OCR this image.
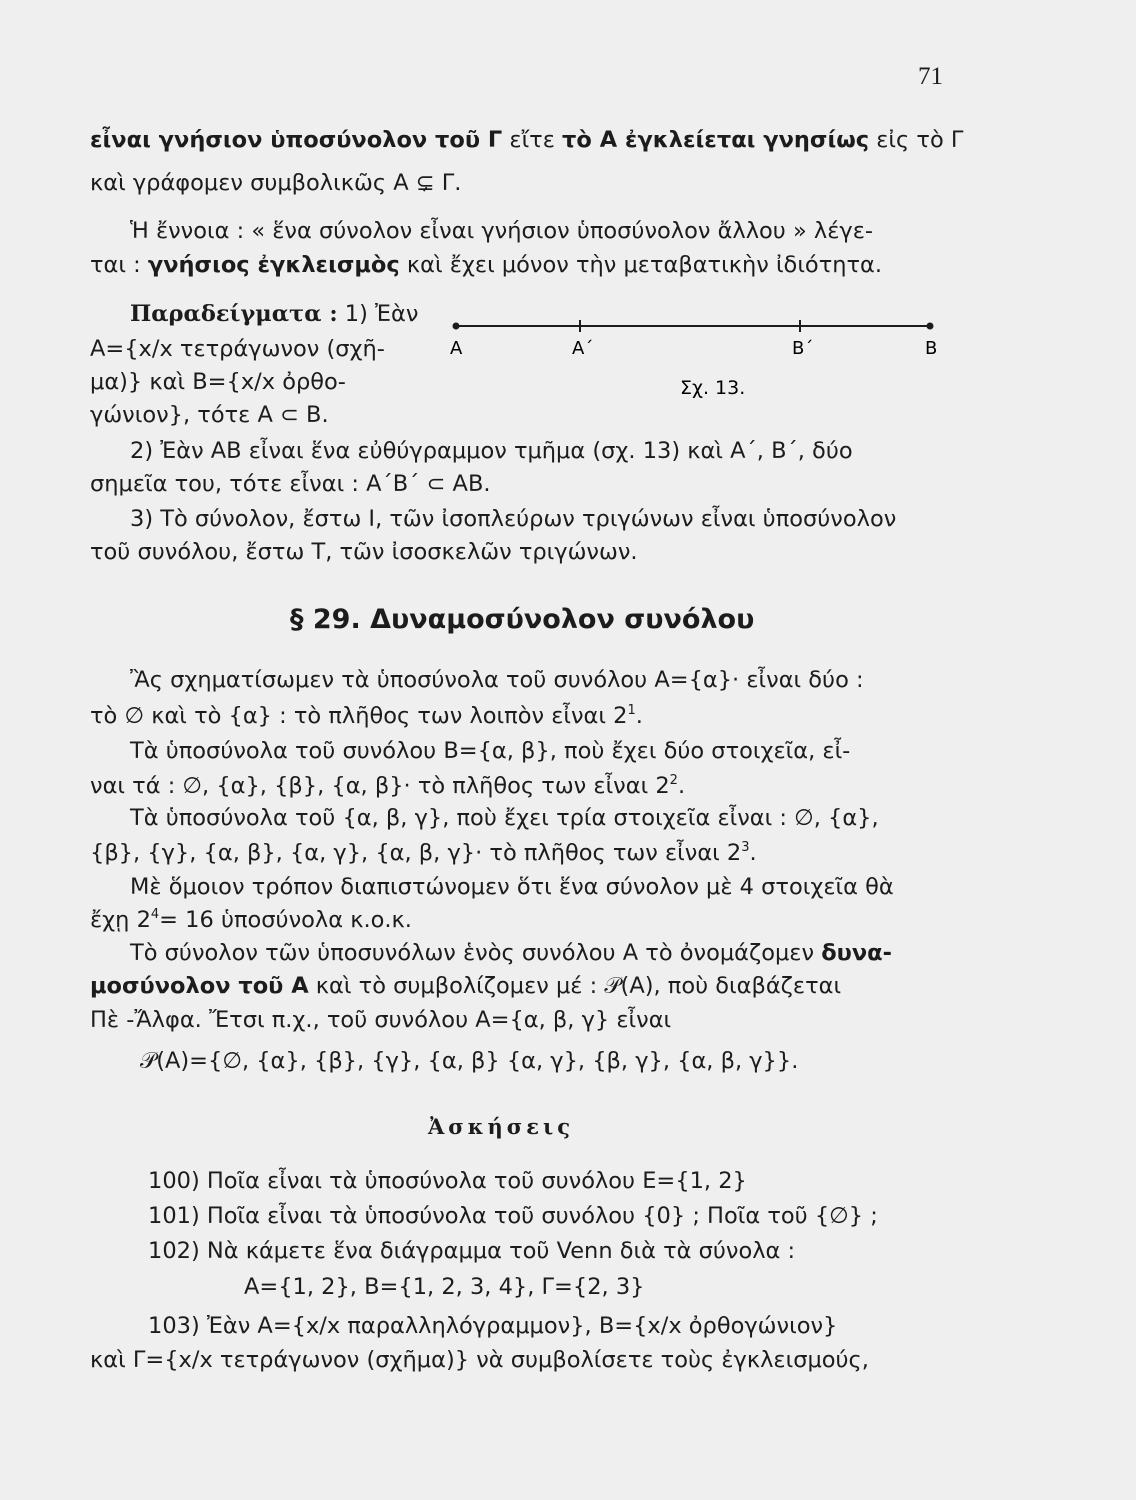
71
εἶναι γνήσιον ὑποσύνολον τοῦ Γ εἴτε τὸ Α ἐγκλείεται γνησίως εἰς τὸ Γ
καὶ γράφομεν συμβολικῶς Α ⊊ Γ.
Ἡ ἔννοια : « ἕνα σύνολον εἶναι γνήσιον ὑποσύνολον ἄλλου » λέγε-
ται : γνήσιος ἐγκλεισμὸς καὶ ἔχει μόνον τὴν μεταβατικὴν ἰδιότητα.
Παραδείγματα : 1) Ἐὰν
Α={x/x τετράγωνον (σχῆ-
μα)} καὶ Β={x/x ὀρθο-
γώνιον}, τότε Α ⊂ Β.
Α	Α΄	Β΄	Β
Σχ. 13.
2) Ἐὰν ΑΒ εἶναι ἕνα εὐθύγραμμον τμῆμα (σχ. 13) καὶ Α΄, Β΄, δύο
σημεῖα του, τότε εἶναι : Α΄Β΄ ⊂ ΑΒ.
3) Τὸ σύνολον, ἔστω Ι, τῶν ἰσοπλεύρων τριγώνων εἶναι ὑποσύνολον
τοῦ συνόλου, ἔστω Τ, τῶν ἰσοσκελῶν τριγώνων.
§ 29. Δυναμοσύνολον συνόλου
Ἂς σχηματίσωμεν τὰ ὑποσύνολα τοῦ συνόλου Α={α}· εἶναι δύο :
τὸ ∅ καὶ τὸ {α} : τὸ πλῆθος των λοιπὸν εἶναι $2^1$.
Τὰ ὑποσύνολα τοῦ συνόλου Β={α, β}, ποὺ ἔχει δύο στοιχεῖα, εἶ-
ναι τά : ∅, {α}, {β}, {α, β}· τὸ πλῆθος των εἶναι $2^2$.
Τὰ ὑποσύνολα τοῦ {α, β, γ}, ποὺ ἔχει τρία στοιχεῖα εἶναι : ∅, {α},
{β}, {γ}, {α, β}, {α, γ}, {α, β, γ}· τὸ πλῆθος των εἶναι $2^3$.
Μὲ ὅμοιον τρόπον διαπιστώνομεν ὅτι ἕνα σύνολον μὲ 4 στοιχεῖα θὰ
ἔχῃ $2^4= 16$ ὑποσύνολα κ.ο.κ.
Τὸ σύνολον τῶν ὑποσυνόλων ἑνὸς συνόλου Α τὸ ὀνομάζομεν δυνα-
μοσύνολον τοῦ Α καὶ τὸ συμβολίζομεν μέ : 𝒫(Α), ποὺ διαβάζεται
Πὲ -Ἄλφα. Ἔτσι π.χ., τοῦ συνόλου Α={α, β, γ} εἶναι
𝒫(Α)={∅, {α}, {β}, {γ}, {α, β} {α, γ}, {β, γ}, {α, β, γ}}.
Ἀσκήσεις
100) Ποῖα εἶναι τὰ ὑποσύνολα τοῦ συνόλου Ε={1, 2}
101) Ποῖα εἶναι τὰ ὑποσύνολα τοῦ συνόλου {0} ; Ποῖα τοῦ {∅} ;
102) Νὰ κάμετε ἕνα διάγραμμα τοῦ Venn διὰ τὰ σύνολα :
Α={1, 2}, Β={1, 2, 3, 4}, Γ={2, 3}
103) Ἐὰν Α={x/x παραλληλόγραμμον}, Β={x/x ὀρθογώνιον}
καὶ Γ={x/x τετράγωνον (σχῆμα)} νὰ συμβολίσετε τοὺς ἐγκλεισμούς,
